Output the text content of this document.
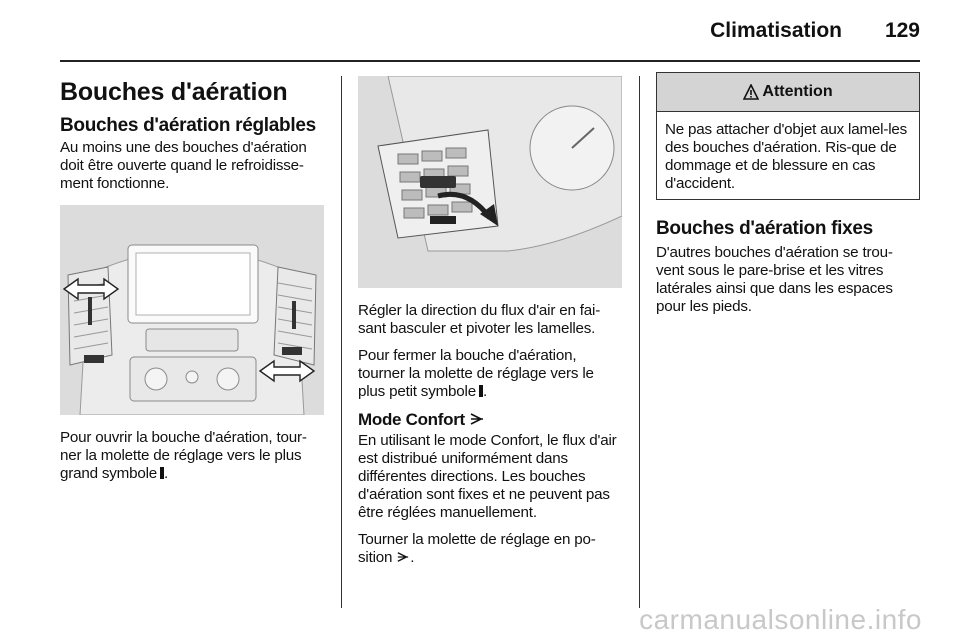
Climatisation 129
Bouches d'aération
Bouches d'aération réglables

Au moins une des bouches d'aération doit être ouverte quand le refroidisse-ment fonctionne.

Pour ouvrir la bouche d'aération, tour-ner la molette de réglage vers le plus grand symbole .

Régler la direction du flux d'air en fai-sant basculer et pivoter les lamelles.

Pour fermer la bouche d'aération, tourner la molette de réglage vers le plus petit symbole .

Mode Confort

En utilisant le mode Confort, le flux d'air est distribué uniformément dans différentes directions. Les bouches d'aération sont fixes et ne peuvent pas être réglées manuellement.

Tourner la molette de réglage en po-sition .

Attention

Ne pas attacher d'objet aux lamel-les des bouches d'aération. Ris-que de dommage et de blessure en cas d'accident.

Bouches d'aération fixes

D'autres bouches d'aération se trou-vent sous le pare-brise et les vitres latérales ainsi que dans les espaces pour les pieds.

carmanualsonline.info
